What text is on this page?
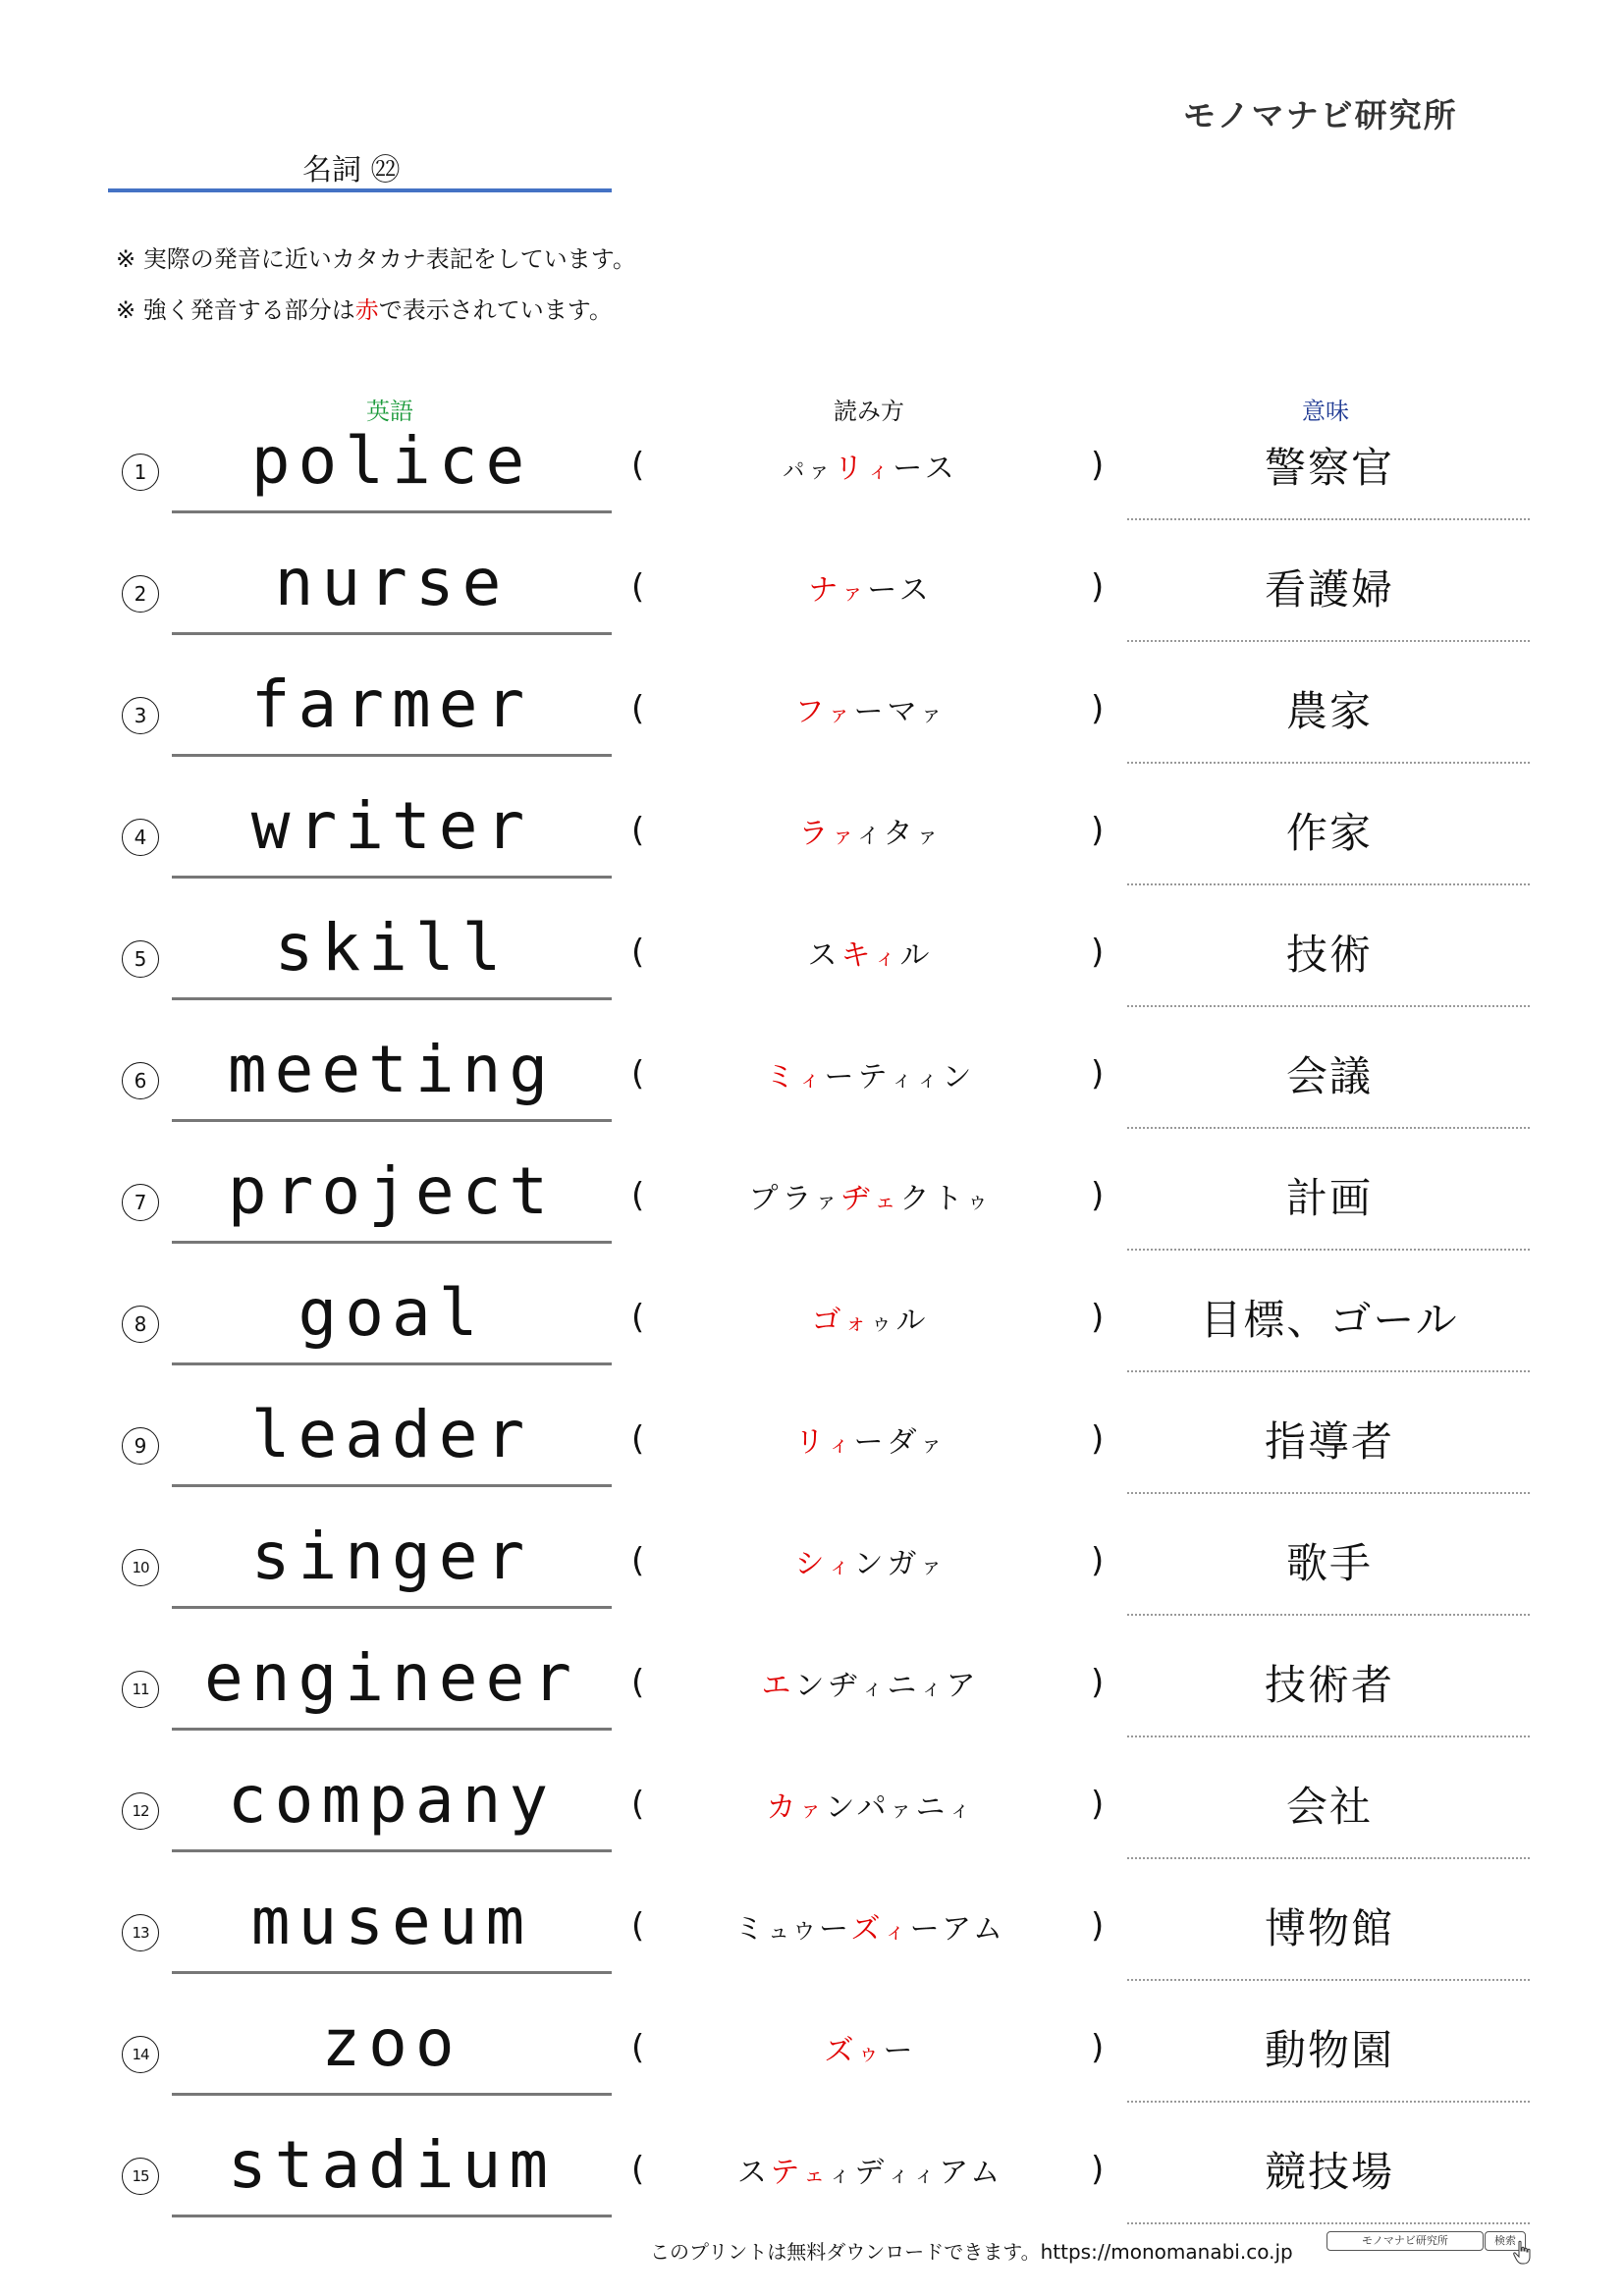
モノマナビ研究所
名詞 ㉒
※ 実際の発音に近いカタカナ表記をしています。
※ 強く発音する部分は赤で表示されています。
英語	読み方	意味
1	police	(	パァリィース	)	警察官
2	nurse	(	ナァース	)	看護婦
3	farmer	(	ファーマァ	)	農家
4	writer	(	ラァイタァ	)	作家
5	skill	(	スキィル	)	技術
6	meeting	(	ミィーティィン	)	会議
7	project	(	プラァヂェクトゥ	)	計画
8	goal	(	ゴォゥル	)	目標、ゴール
9	leader	(	リィーダァ	)	指導者
10	singer	(	シィンガァ	)	歌手
11 engineer	(	エンヂィニィア	)	技術者
12	company	(	カァンパァニィ	)	会社
13	museum	(	ミュウーズィーアム	)	博物館
14	zoo	(	ズゥー	)	動物園
15	stadium	(	ステェィディィアム	)	競技場
このプリントは無料ダウンロードできます。https://monomanabi.co.jp	モノマナビ研究所	検索
